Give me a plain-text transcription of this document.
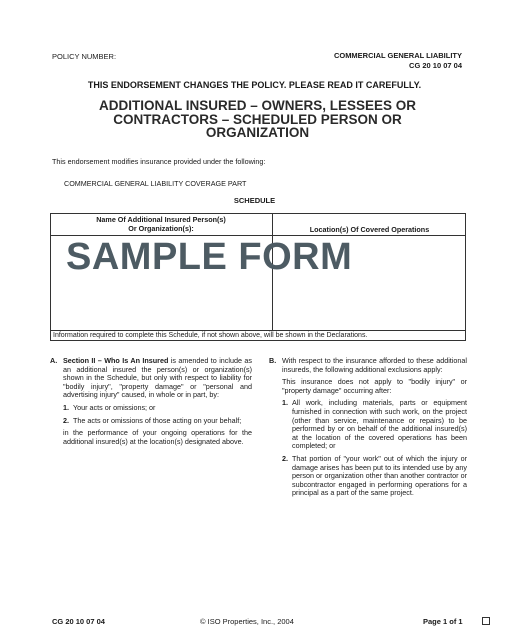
POLICY NUMBER:	COMMERCIAL GENERAL LIABILITY
CG 20 10 07 04
THIS ENDORSEMENT CHANGES THE POLICY. PLEASE READ IT CAREFULLY.
ADDITIONAL INSURED – OWNERS, LESSEES OR CONTRACTORS – SCHEDULED PERSON OR ORGANIZATION
This endorsement modifies insurance provided under the following:
COMMERCIAL GENERAL LIABILITY COVERAGE PART
SCHEDULE
Name Of Additional Insured Person(s)
Or Organization(s):	Location(s) Of Covered Operations
Information required to complete this Schedule, if not shown above, will be shown in the Declarations.
SAMPLE FORM
A. Section II – Who Is An Insured is amended to include as an additional insured the person(s) or organization(s) shown in the Schedule, but only with respect to liability for "bodily injury", "property damage" or "personal and advertising injury" caused, in whole or in part, by:
1. Your acts or omissions; or
2. The acts or omissions of those acting on your behalf;
in the performance of your ongoing operations for the additional insured(s) at the location(s) designated above.
B. With respect to the insurance afforded to these additional insureds, the following additional exclusions apply:
This insurance does not apply to "bodily injury" or "property damage" occurring after:
1. All work, including materials, parts or equipment furnished in connection with such work, on the project (other than service, maintenance or repairs) to be performed by or on behalf of the additional insured(s) at the location of the covered operations has been completed; or
2. That portion of "your work" out of which the injury or damage arises has been put to its intended use by any person or organization other than another contractor or subcontractor engaged in performing operations for a principal as a part of the same project.
CG 20 10 07 04	© ISO Properties, Inc., 2004	Page 1 of 1
